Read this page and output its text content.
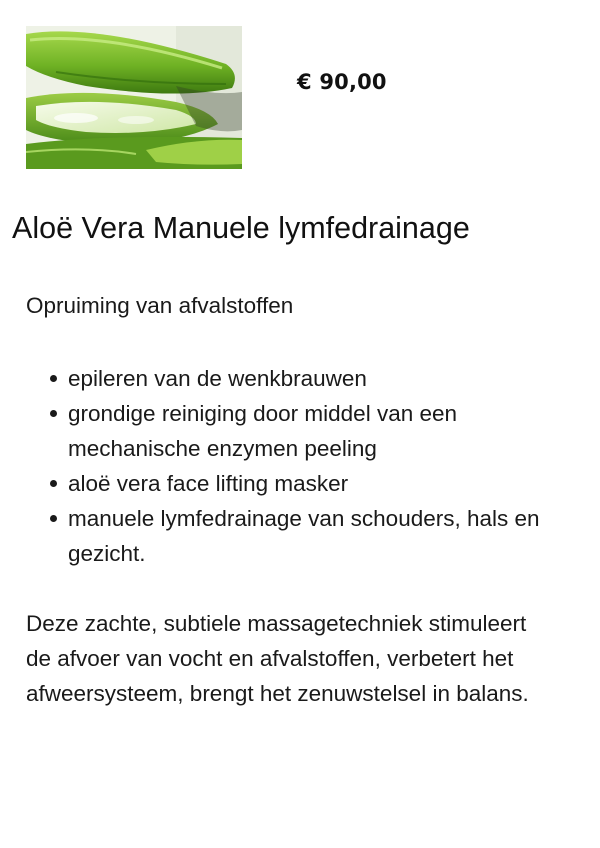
€ 90,00
Aloë Vera Manuele lymfedrainage

Opruiming van afvalstoffen

epileren van de wenkbrauwen
grondige reiniging door middel van een mechanische enzymen peeling
aloë vera face lifting masker
manuele lymfedrainage van schouders, hals en gezicht.

Deze zachte, subtiele massagetechniek stimuleert de afvoer van vocht en afvalstoffen, verbetert het afweersysteem, brengt het zenuwstelsel in balans.
